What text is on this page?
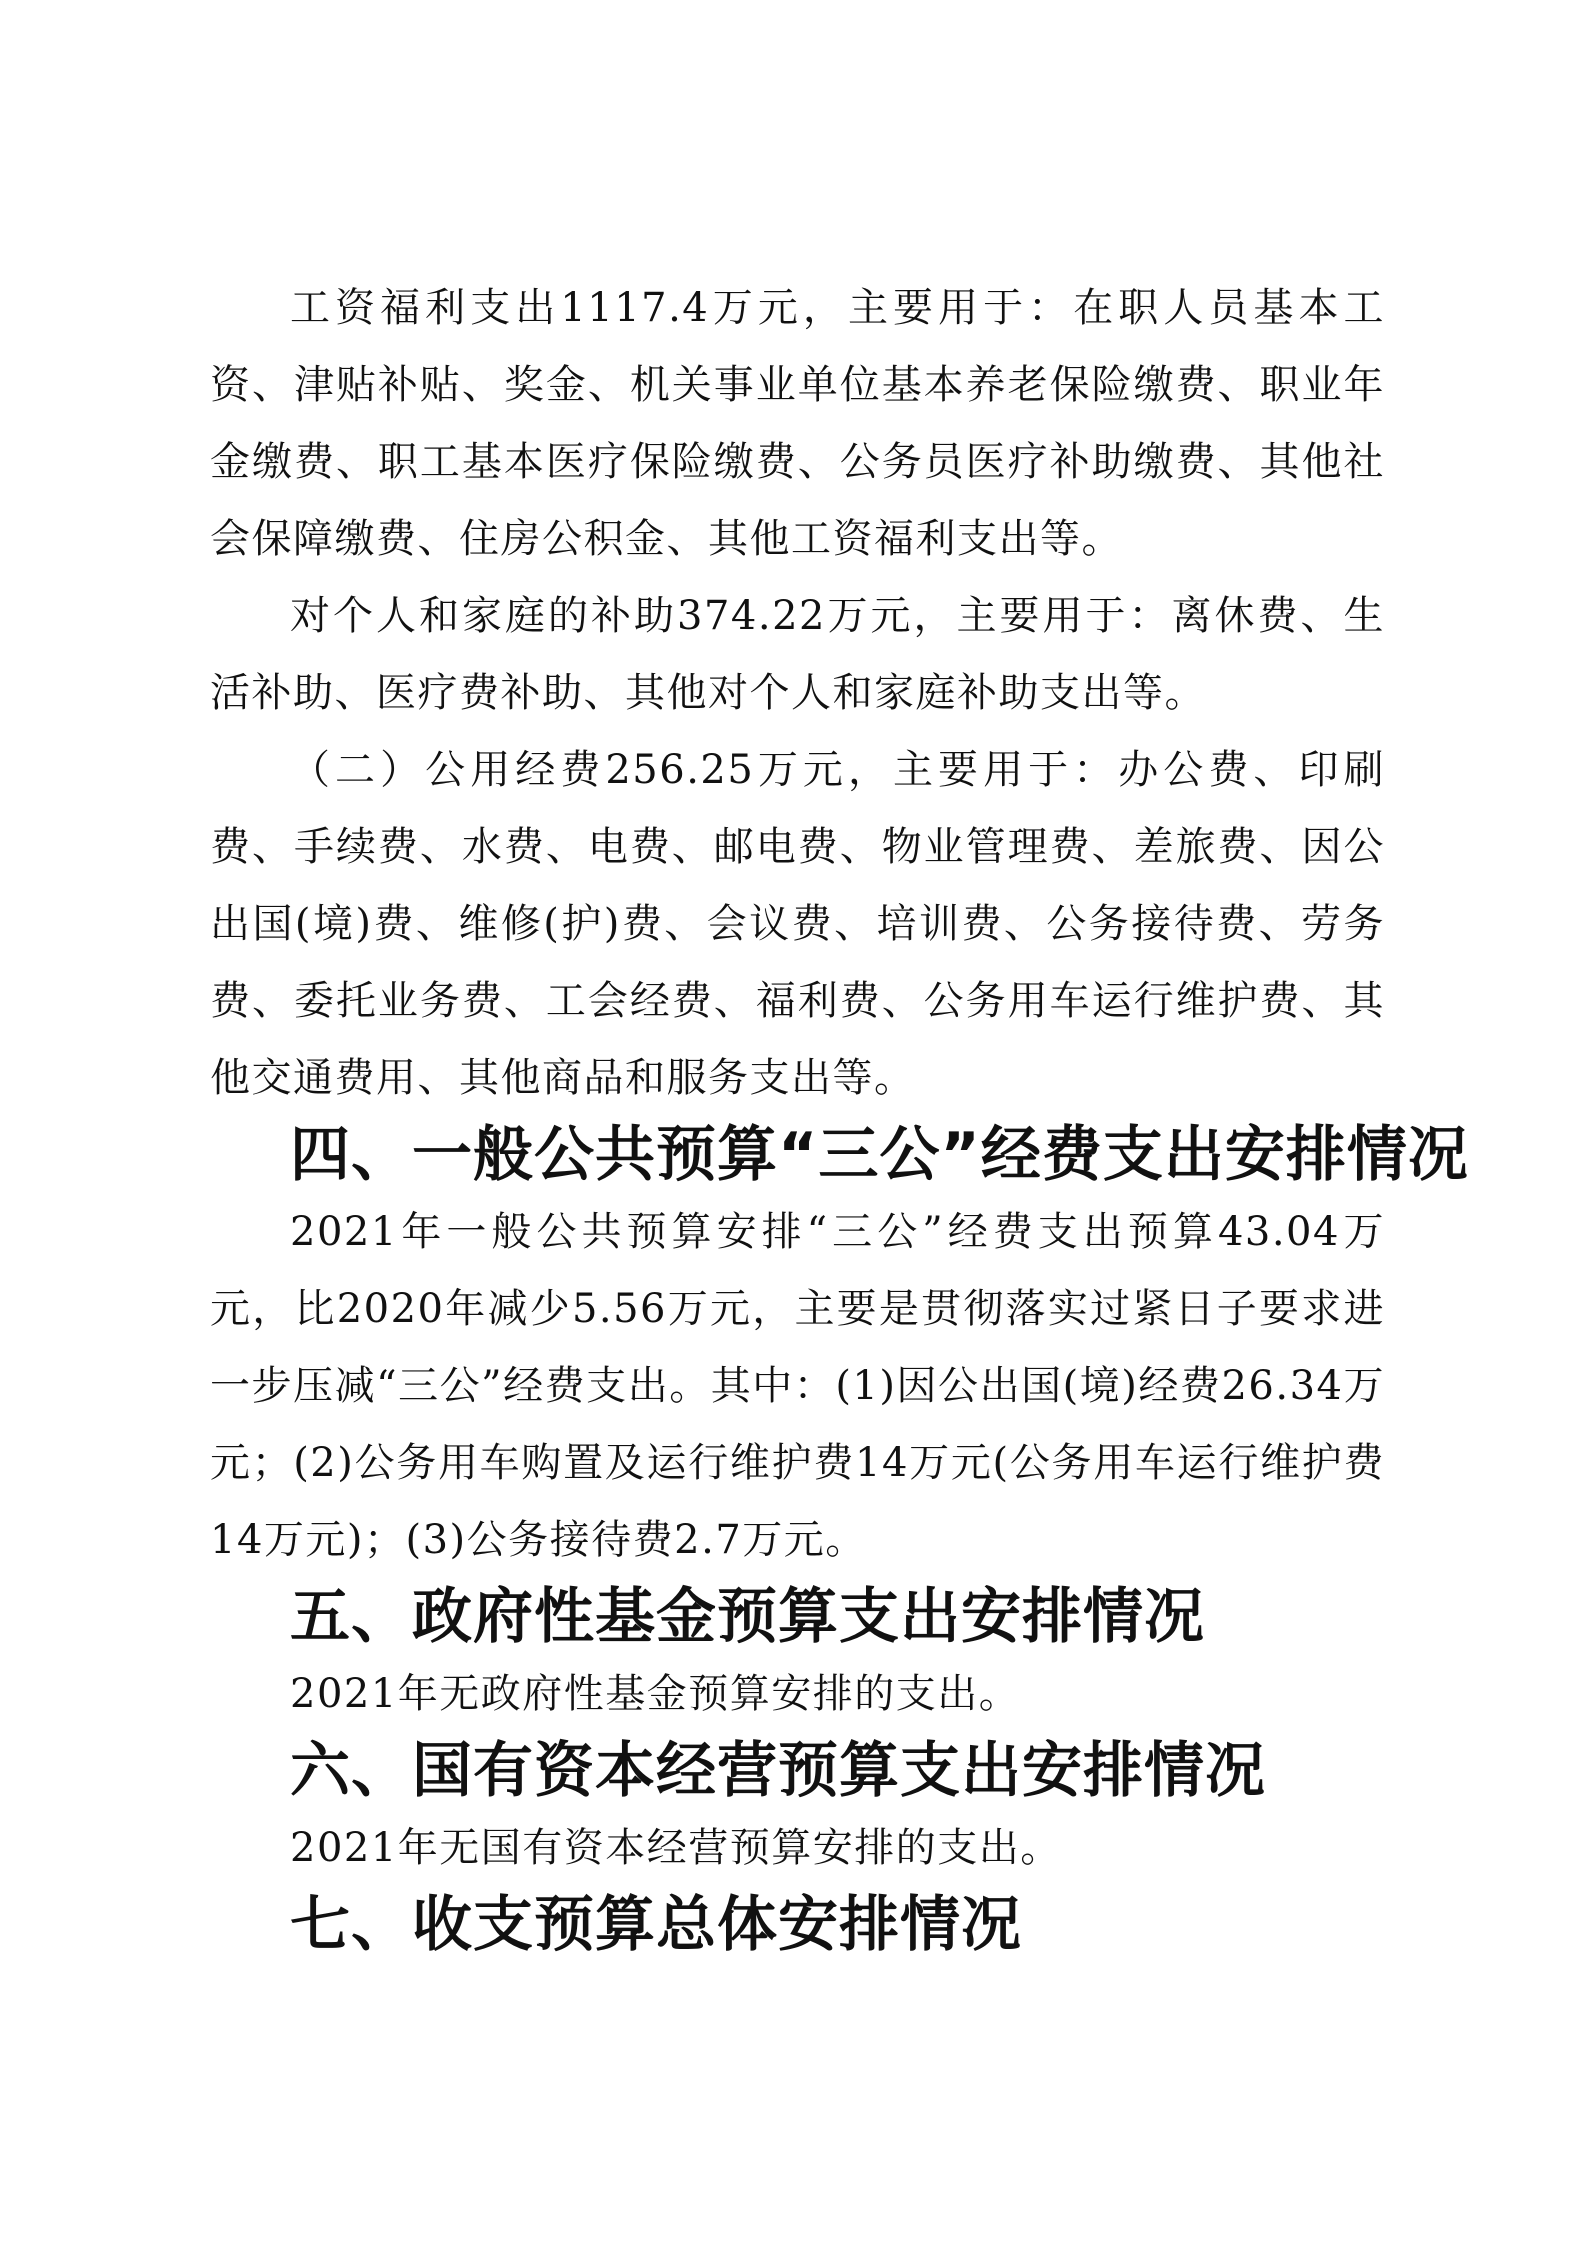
工资福利支出1117.4万元，主要用于：在职人员基本工资、津贴补贴、奖金、机关事业单位基本养老保险缴费、职业年金缴费、职工基本医疗保险缴费、公务员医疗补助缴费、其他社会保障缴费、住房公积金、其他工资福利支出等。

对个人和家庭的补助374.22万元，主要用于：离休费、生活补助、医疗费补助、其他对个人和家庭补助支出等。

（二）公用经费256.25万元，主要用于：办公费、印刷费、手续费、水费、电费、邮电费、物业管理费、差旅费、因公出国(境)费、维修(护)费、会议费、培训费、公务接待费、劳务费、委托业务费、工会经费、福利费、公务用车运行维护费、其他交通费用、其他商品和服务支出等。

四、一般公共预算“三公”经费支出安排情况

2021年一般公共预算安排“三公”经费支出预算43.04万元，比2020年减少5.56万元，主要是贯彻落实过紧日子要求进一步压减“三公”经费支出。其中：(1)因公出国(境)经费26.34万元；(2)公务用车购置及运行维护费14万元(公务用车运行维护费14万元)；(3)公务接待费2.7万元。

五、政府性基金预算支出安排情况

2021年无政府性基金预算安排的支出。

六、国有资本经营预算支出安排情况

2021年无国有资本经营预算安排的支出。

七、收支预算总体安排情况
